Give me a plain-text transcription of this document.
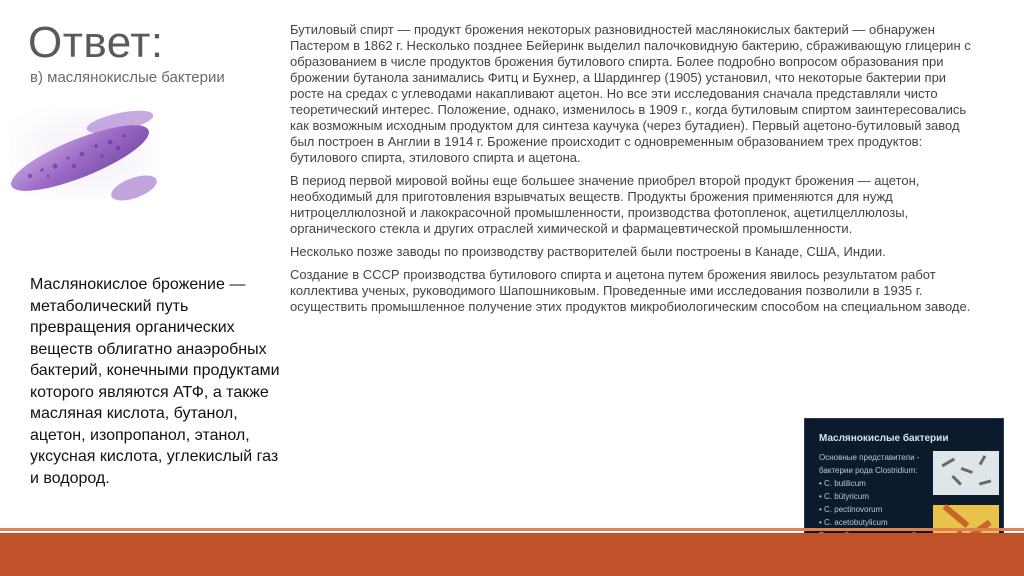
Ответ:
в) маслянокислые бактерии
Маслянокислое брожение — метаболический путь превращения органических веществ облигатно анаэробных бактерий, конечными продуктами которого являются АТФ, а также масляная кислота, бутанол, ацетон, изопропанол, этанол, уксусная кислота, углекислый газ и водород.

Бутиловый спирт — продукт брожения некоторых разновидностей маслянокислых бактерий — обнаружен Пастером в 1862 г. Несколько позднее Бейеринк выделил палочковидную бактерию, сбраживающую глицерин с образованием в числе продуктов брожения бутилового спирта. Более подробно вопросом образования при брожении бутанола занимались Фитц и Бухнер, а Шардингер (1905) установил, что некоторые бактерии при росте на средах с углеводами накапливают ацетон. Но все эти исследования сначала представляли чисто теоретический интерес. Положение, однако, изменилось в 1909 г., когда бутиловым спиртом заинтересовались как возможным исходным продуктом для синтеза каучука (через бутадиен). Первый ацетоно-бутиловый завод был построен в Англии в 1914 г. Брожение происходит с одновременным образованием трех продуктов: бутилового спирта, этилового спирта и ацетона.

В период первой мировой войны еще большее значение приобрел второй продукт брожения — ацетон, необходимый для приготовления взрывчатых веществ. Продукты брожения применяются для нужд нитроцеллюлозной и лакокрасочной промышленности, производства фотопленок, ацетилцеллюлозы, органического стекла и других отраслей химической и фармацевтической промышленности.

Несколько позже заводы по производству растворителей были построены в Канаде, США, Индии.

Создание в СССР производства бутилового спирта и ацетона путем брожения явилось результатом работ коллектива ученых, руководимого Шапошниковым. Проведенные ими исследования позволили в 1935 г. осуществить промышленное получение этих продуктов микробиологическим способом на специальном заводе.

Маслянокислые бактерии
Основные представители -
бактерии рода Clostridium:
• C. butilicum
• C. bütyricum
• C. pectinovorum
• C. acetobutylicum
